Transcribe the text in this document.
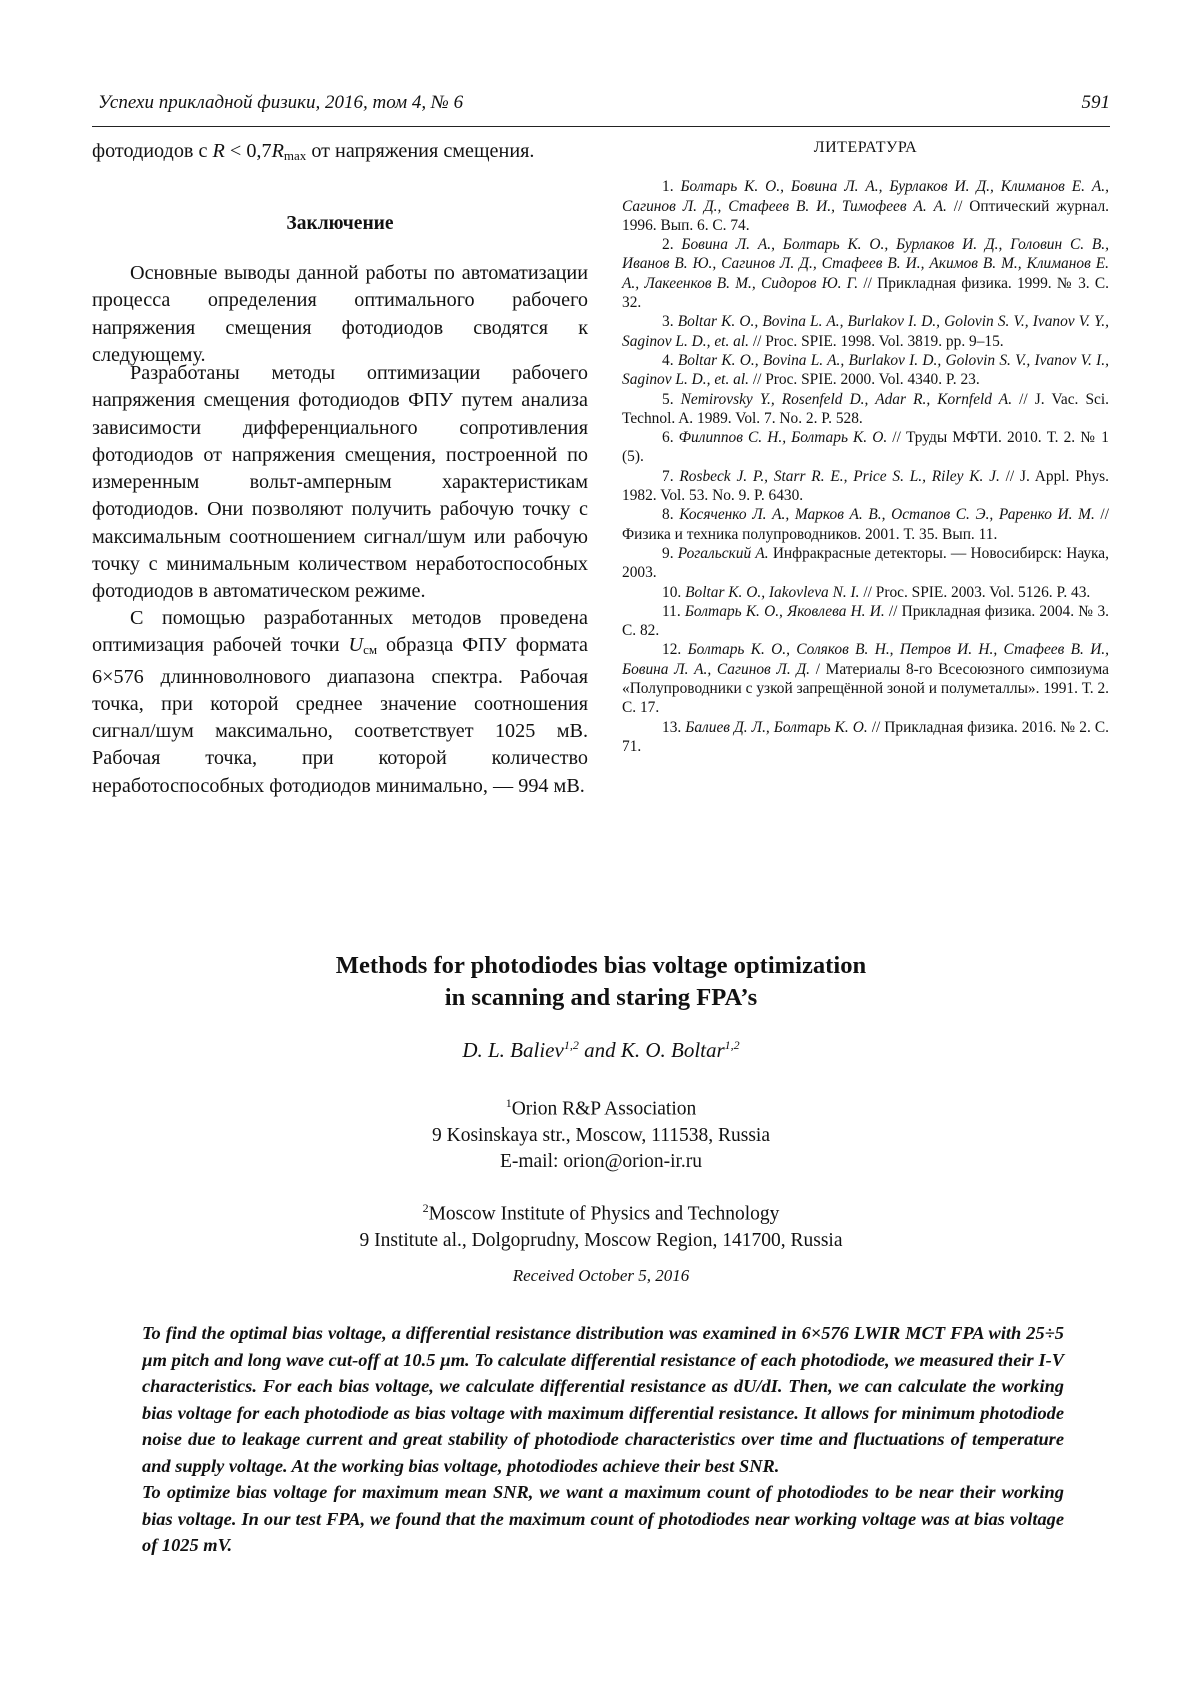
Успехи прикладной физики, 2016, том 4, № 6	591

фотодиодов с $R < 0,7R_{max}$ от напряжения смещения.

Заключение

Основные выводы данной работы по автоматизации процесса определения оптимального рабочего напряжения смещения фотодиодов сводятся к следующему.

Разработаны методы оптимизации рабочего напряжения смещения фотодиодов ФПУ путем анализа зависимости дифференциального сопротивления фотодиодов от напряжения смещения, построенной по измеренным вольт-амперным характеристикам фотодиодов. Они позволяют получить рабочую точку с максимальным соотношением сигнал/шум или рабочую точку с минимальным количеством неработоспособных фотодиодов в автоматическом режиме.

С помощью разработанных методов проведена оптимизация рабочей точки $U_{см}$ образца ФПУ формата 6×576 длинноволнового диапазона спектра. Рабочая точка, при которой среднее значение соотношения сигнал/шум максимально, соответствует 1025 мВ. Рабочая точка, при которой количество неработоспособных фотодиодов минимально, — 994 мВ.

ЛИТЕРАТУРА
1. Болтарь К. О., Бовина Л. А., Бурлаков И. Д., Климанов Е. А., Сагинов Л. Д., Стафеев В. И., Тимофеев А. А. // Оптический журнал. 1996. Вып. 6. С. 74.
2. Бовина Л. А., Болтарь К. О., Бурлаков И. Д., Головин С. В., Иванов В. Ю., Сагинов Л. Д., Стафеев В. И., Акимов В. М., Климанов Е. А., Лакеенков В. М., Сидоров Ю. Г. // Прикладная физика. 1999. № 3. С. 32.
3. Boltar K. O., Bovina L. A., Burlakov I. D., Golovin S. V., Ivanov V. Y., Saginov L. D., et. al. // Proc. SPIE. 1998. Vol. 3819. pp. 9–15.
4. Boltar K. O., Bovina L. A., Burlakov I. D., Golovin S. V., Ivanov V. I., Saginov L. D., et. al. // Proc. SPIE. 2000. Vol. 4340. P. 23.
5. Nemirovsky Y., Rosenfeld D., Adar R., Kornfeld A. // J. Vac. Sci. Technol. A. 1989. Vol. 7. No. 2. P. 528.
6. Филиппов С. Н., Болтарь К. О. // Труды МФТИ. 2010. Т. 2. № 1 (5).
7. Rosbeck J. P., Starr R. E., Price S. L., Riley K. J. // J. Appl. Phys. 1982. Vol. 53. No. 9. P. 6430.
8. Косяченко Л. А., Марков А. В., Остапов С. Э., Раренко И. М. // Физика и техника полупроводников. 2001. Т. 35. Вып. 11.
9. Рогальский А. Инфракрасные детекторы. — Новосибирск: Наука, 2003.
10. Boltar K. O., Iakovleva N. I. // Proc. SPIE. 2003. Vol. 5126. P. 43.
11. Болтарь К. О., Яковлева Н. И. // Прикладная физика. 2004. № 3. С. 82.
12. Болтарь К. О., Соляков В. Н., Петров И. Н., Стафеев В. И., Бовина Л. А., Сагинов Л. Д. / Материалы 8-го Всесоюзного симпозиума «Полупроводники с узкой запрещённой зоной и полуметаллы». 1991. Т. 2. С. 17.
13. Балиев Д. Л., Болтарь К. О. // Прикладная физика. 2016. № 2. С. 71.
Methods for photodiodes bias voltage optimization
in scanning and staring FPA’s
D. L. Baliev$^{1,2}$ and K. O. Boltar$^{1,2}$
$^1$Orion R&P Association
9 Kosinskaya str., Moscow, 111538, Russia
E-mail: orion@orion-ir.ru
$^2$Moscow Institute of Physics and Technology
9 Institute al., Dolgoprudny, Moscow Region, 141700, Russia
Received October 5, 2016

To find the optimal bias voltage, a differential resistance distribution was examined in 6×576 LWIR MCT FPA with 25÷5 µm pitch and long wave cut-off at 10.5 µm. To calculate differential resistance of each photodiode, we measured their I-V characteristics. For each bias voltage, we calculate differential resistance as dU/dI. Then, we can calculate the working bias voltage for each photodiode as bias voltage with maximum differential resistance. It allows for minimum photodiode noise due to leakage current and great stability of photodiode characteristics over time and fluctuations of temperature and supply voltage. At the working bias voltage, photodiodes achieve their best SNR.

To optimize bias voltage for maximum mean SNR, we want a maximum count of photodiodes to be near their working bias voltage. In our test FPA, we found that the maximum count of photodiodes near working voltage was at bias voltage of 1025 mV.
